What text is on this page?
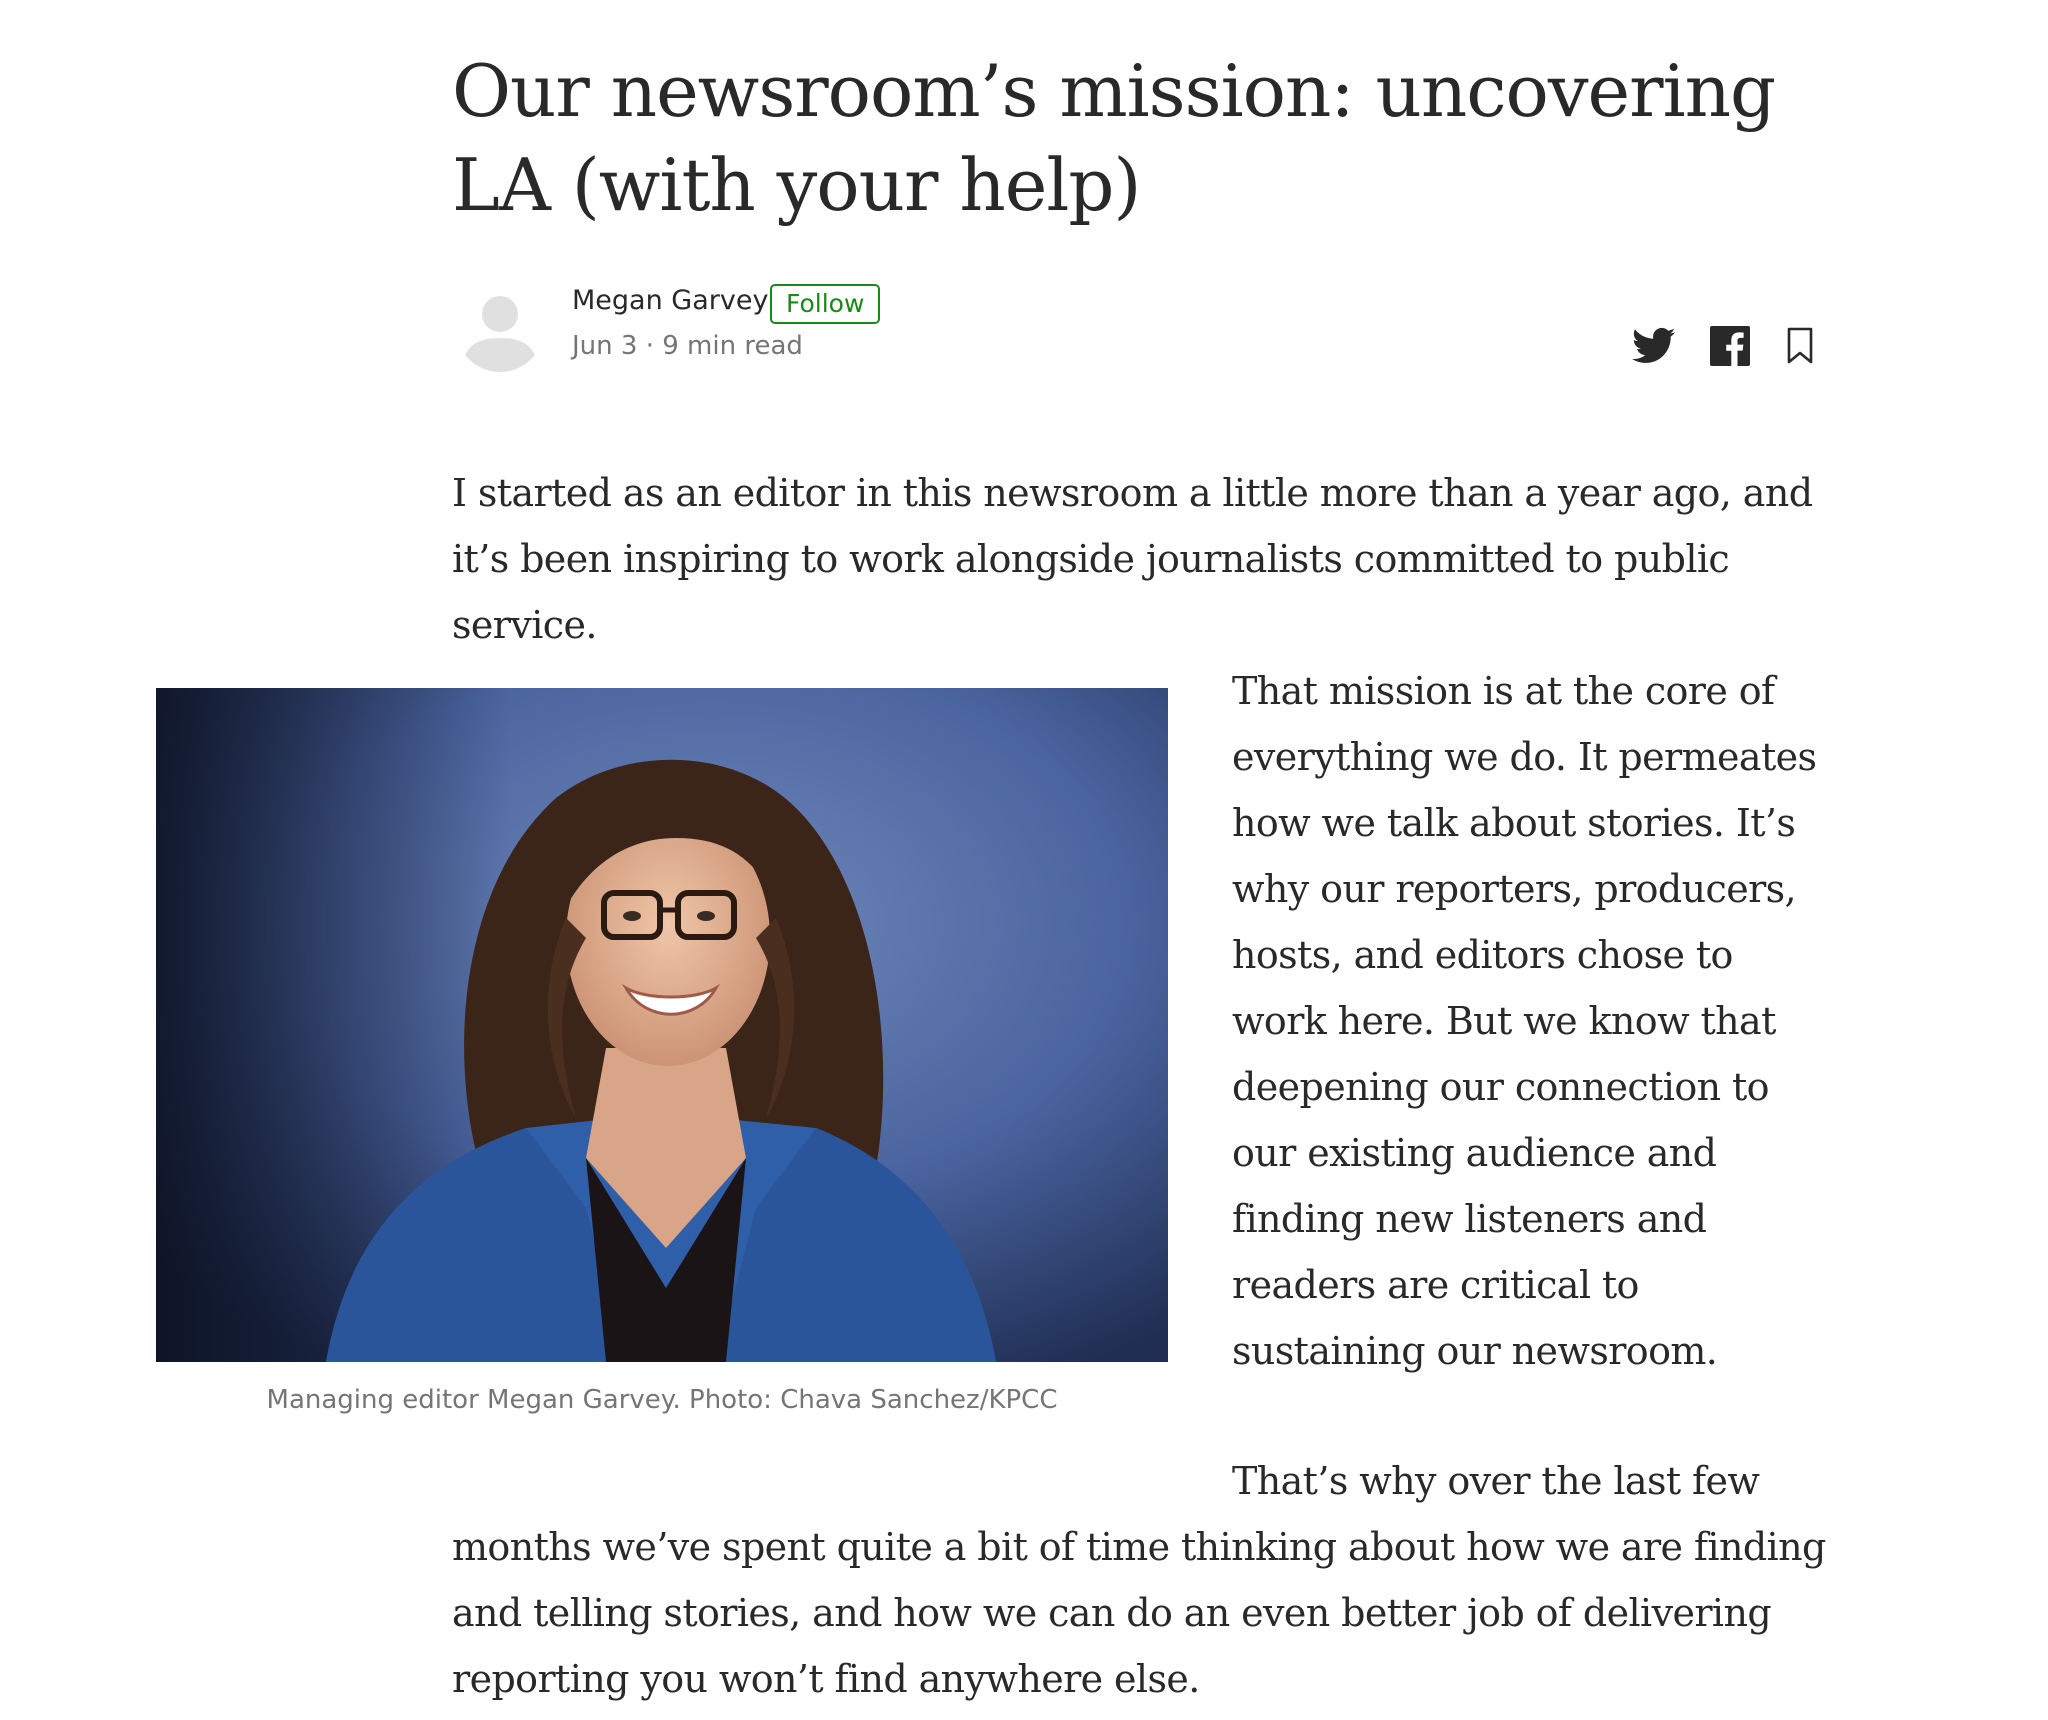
Our newsroom’s mission: uncovering LA (with your help)
Megan Garvey Follow
Jun 3 · 9 min read

I started as an editor in this newsroom a little more than a year ago, and it’s been inspiring to work alongside journalists committed to public service.

Managing editor Megan Garvey. Photo: Chava Sanchez/KPCC

That mission is at the core of everything we do. It permeates how we talk about stories. It’s why our reporters, producers, hosts, and editors chose to work here. But we know that deepening our connection to our existing audience and finding new listeners and readers are critical to sustaining our newsroom.

That’s why over the last few

months we’ve spent quite a bit of time thinking about how we are finding and telling stories, and how we can do an even better job of delivering reporting you won’t find anywhere else.
